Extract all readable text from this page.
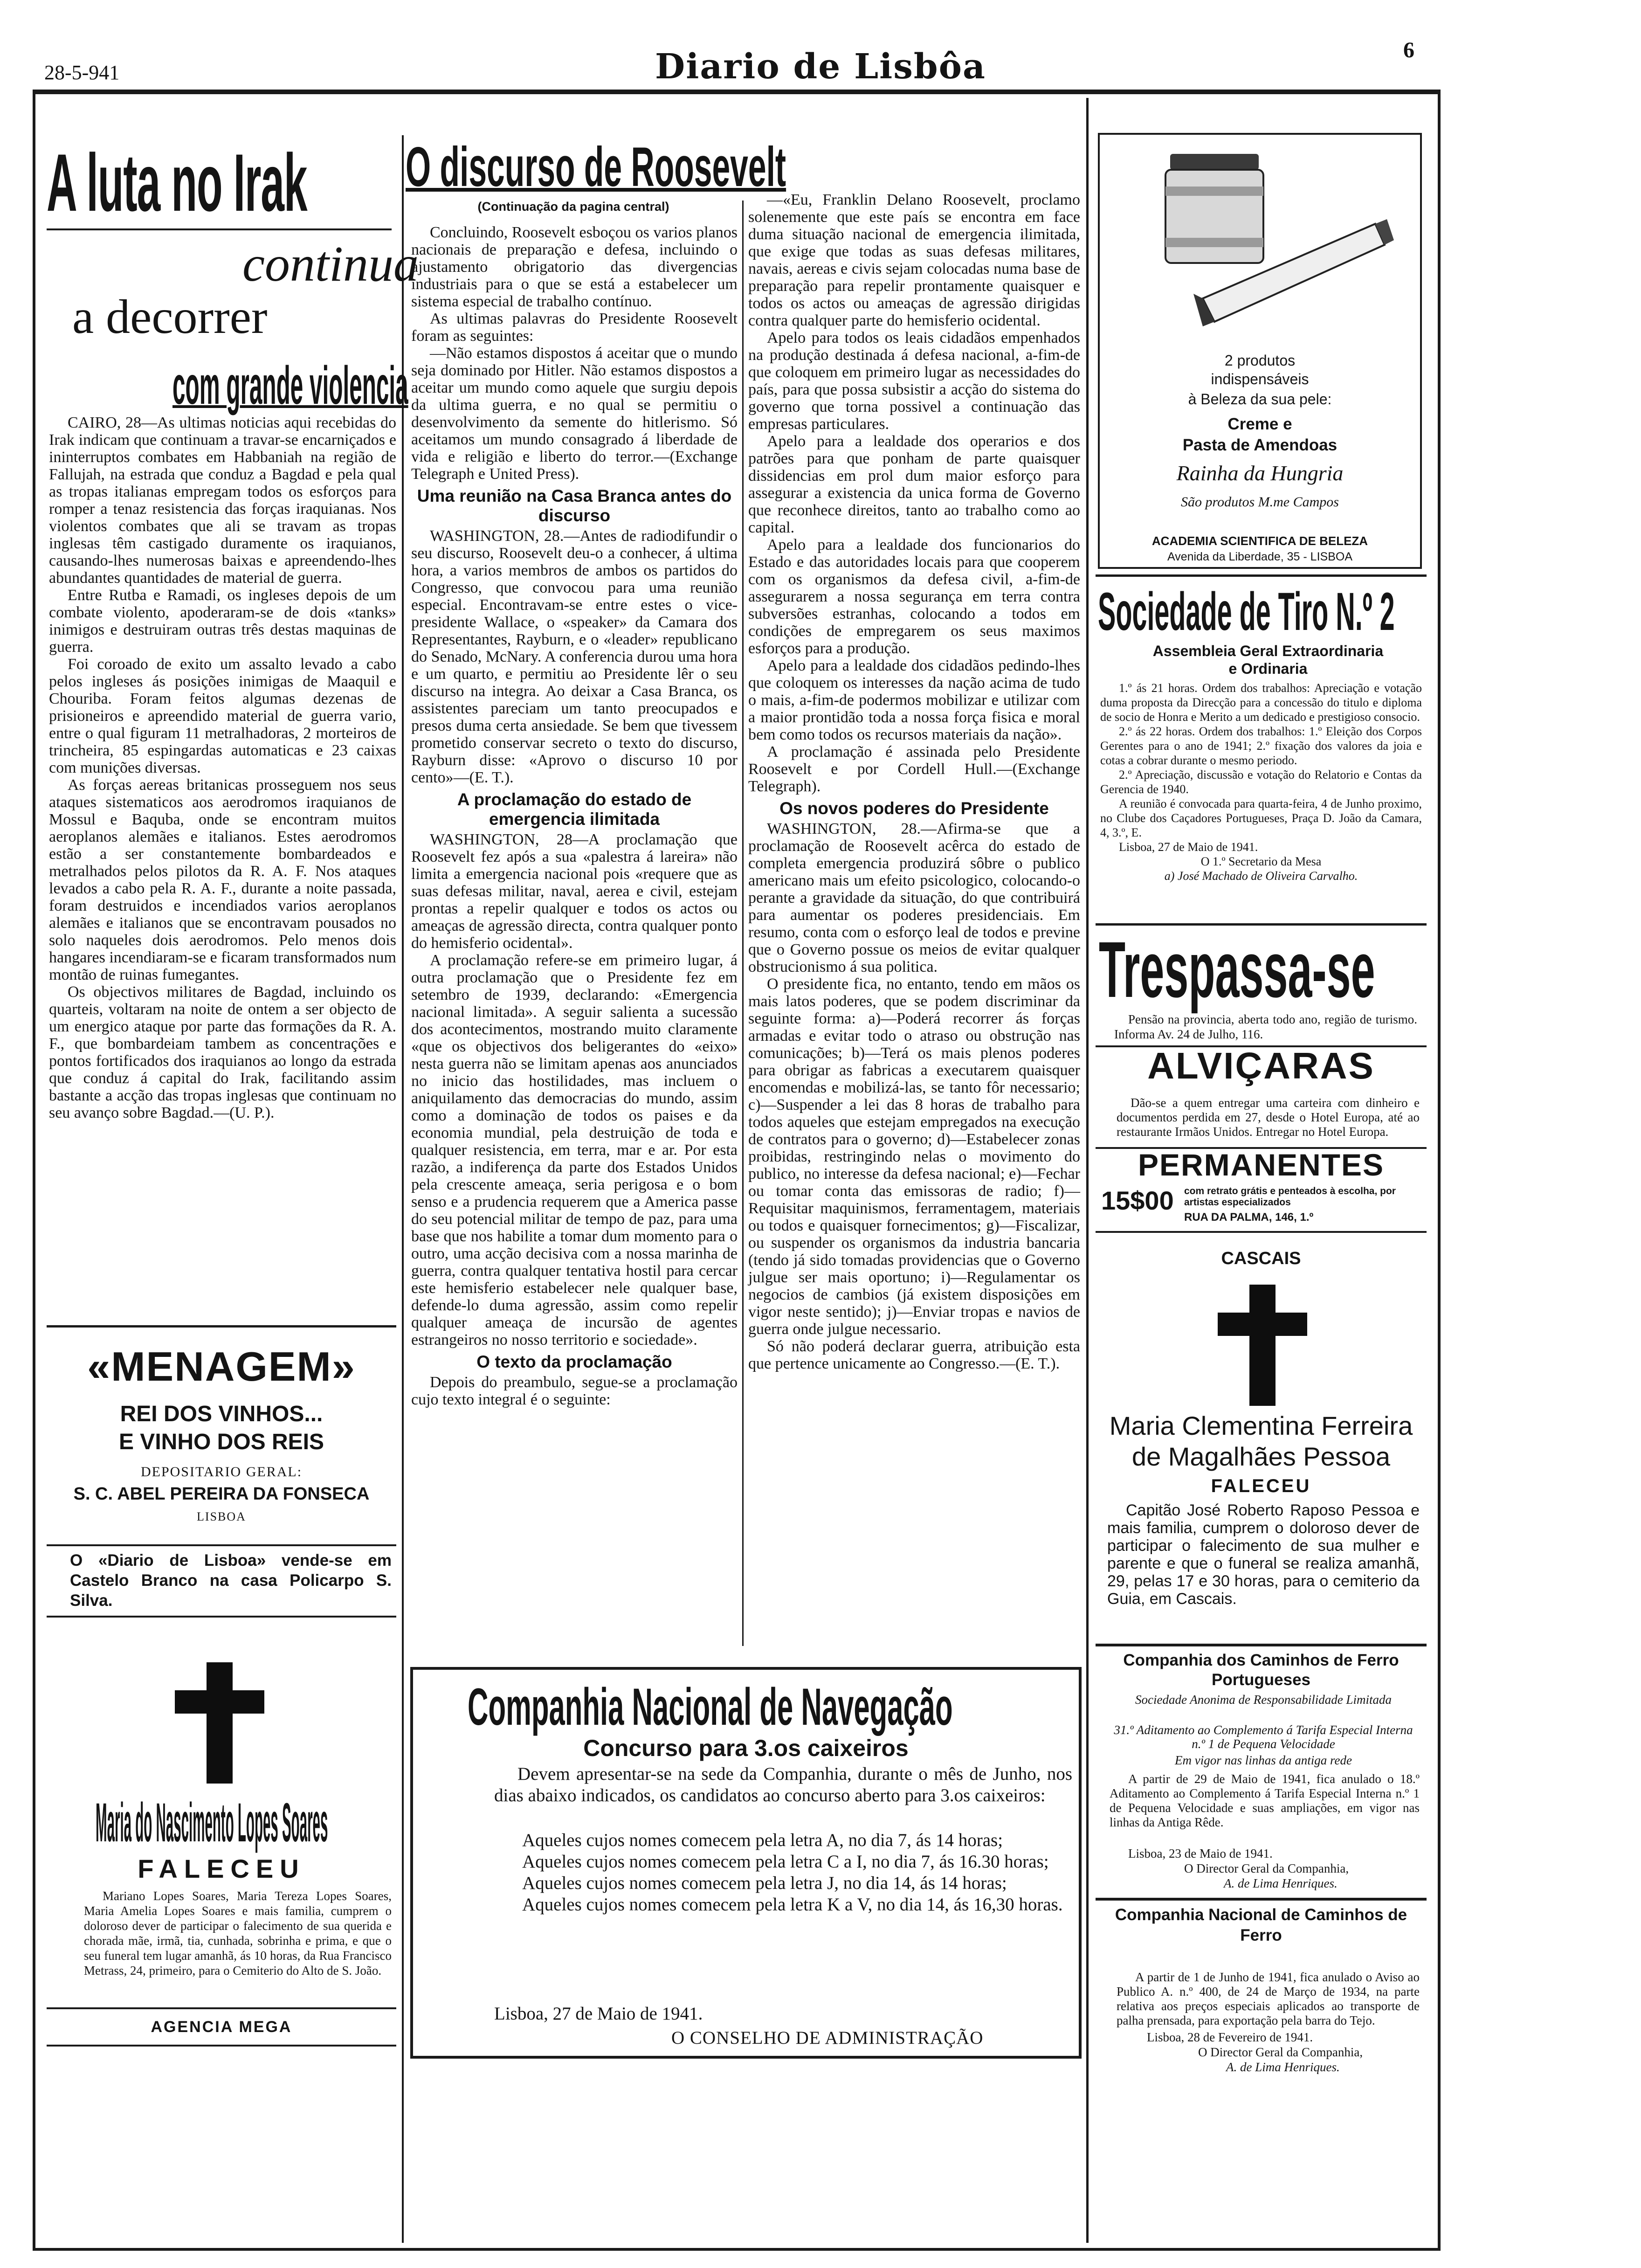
28-5-941	Diario de Lisbôa	6
A luta no Irak
continua
a decorrer
com grande violencia

CAIRO, 28—As ultimas noticias aqui recebidas do Irak indicam que continuam a travar-se encarniçados e ininterruptos combates em Habbaniah na região de Fallujah, na estrada que conduz a Bagdad e pela qual as tropas italianas empregam todos os esforços para romper a tenaz resistencia das forças iraquianas. Nos violentos combates que ali se travam as tropas inglesas têm castigado duramente os iraquianos, causando-lhes numerosas baixas e apreendendo-lhes abundantes quantidades de material de guerra.

Entre Rutba e Ramadi, os ingleses depois de um combate violento, apoderaram-se de dois «tanks» inimigos e destruiram outras três destas maquinas de guerra.

Foi coroado de exito um assalto levado a cabo pelos ingleses ás posições inimigas de Maaquil e Chouriba. Foram feitos algumas dezenas de prisioneiros e apreendido material de guerra vario, entre o qual figuram 11 metralhadoras, 2 morteiros de trincheira, 85 espingardas automaticas e 23 caixas com munições diversas.

As forças aereas britanicas prosseguem nos seus ataques sistematicos aos aerodromos iraquianos de Mossul e Baquba, onde se encontram muitos aeroplanos alemães e italianos. Estes aerodromos estão a ser constantemente bombardeados e metralhados pelos pilotos da R. A. F. Nos ataques levados a cabo pela R. A. F., durante a noite passada, foram destruidos e incendiados varios aeroplanos alemães e italianos que se encontravam pousados no solo naqueles dois aerodromos. Pelo menos dois hangares incendiaram-se e ficaram transformados num montão de ruinas fumegantes.

Os objectivos militares de Bagdad, incluindo os quarteis, voltaram na noite de ontem a ser objecto de um energico ataque por parte das formações da R. A. F., que bombardeiam tambem as concentrações e pontos fortificados dos iraquianos ao longo da estrada que conduz á capital do Irak, facilitando assim bastante a acção das tropas inglesas que continuam no seu avanço sobre Bagdad.—(U. P.).

«MENAGEM»
REI DOS VINHOS...
E VINHO DOS REIS
DEPOSITARIO GERAL:
S. C. ABEL PEREIRA DA FONSECA
LISBOA
O «Diario de Lisboa» vende-se em Castelo Branco na casa Policarpo S. Silva.
Maria do Nascimento Lopes Soares
FALECEU
Mariano Lopes Soares, Maria Tereza Lopes Soares, Maria Amelia Lopes Soares e mais familia, cumprem o doloroso dever de participar o falecimento de sua querida e chorada mãe, irmã, tia, cunhada, sobrinha e prima, e que o seu funeral tem lugar amanhã, ás 10 horas, da Rua Francisco Metrass, 24, primeiro, para o Cemiterio do Alto de S. João.
AGENCIA MEGA
O discurso de Roosevelt
(Continuação da pagina central)

Concluindo, Roosevelt esboçou os varios planos nacionais de preparação e defesa, incluindo o ajustamento obrigatorio das divergencias industriais para o que se está a estabelecer um sistema especial de trabalho contínuo.

As ultimas palavras do Presidente Roosevelt foram as seguintes:

—Não estamos dispostos á aceitar que o mundo seja dominado por Hitler. Não estamos dispostos a aceitar um mundo como aquele que surgiu depois da ultima guerra, e no qual se permitiu o desenvolvimento da semente do hitlerismo. Só aceitamos um mundo consagrado á liberdade de vida e religião e liberto do terror.—(Exchange Telegraph e United Press).

Uma reunião na Casa Branca antes do discurso

WASHINGTON, 28.—Antes de radiodifundir o seu discurso, Roosevelt deu-o a conhecer, á ultima hora, a varios membros de ambos os partidos do Congresso, que convocou para uma reunião especial. Encontravam-se entre estes o vice-presidente Wallace, o «speaker» da Camara dos Representantes, Rayburn, e o «leader» republicano do Senado, McNary. A conferencia durou uma hora e um quarto, e permitiu ao Presidente lêr o seu discurso na integra. Ao deixar a Casa Branca, os assistentes pareciam um tanto preocupados e presos duma certa ansiedade. Se bem que tivessem prometido conservar secreto o texto do discurso, Rayburn disse: «Aprovo o discurso 10 por cento»—(E. T.).

A proclamação do estado de emergencia ilimitada

WASHINGTON, 28—A proclamação que Roosevelt fez após a sua «palestra á lareira» não limita a emergencia nacional pois «requere que as suas defesas militar, naval, aerea e civil, estejam prontas a repelir qualquer e todos os actos ou ameaças de agressão directa, contra qualquer ponto do hemisferio ocidental».

A proclamação refere-se em primeiro lugar, á outra proclamação que o Presidente fez em setembro de 1939, declarando: «Emergencia nacional limitada». A seguir salienta a sucessão dos acontecimentos, mostrando muito claramente «que os objectivos dos beligerantes do «eixo» nesta guerra não se limitam apenas aos anunciados no inicio das hostilidades, mas incluem o aniquilamento das democracias do mundo, assim como a dominação de todos os paises e da economia mundial, pela destruição de toda e qualquer resistencia, em terra, mar e ar. Por esta razão, a indiferença da parte dos Estados Unidos pela crescente ameaça, seria perigosa e o bom senso e a prudencia requerem que a America passe do seu potencial militar de tempo de paz, para uma base que nos habilite a tomar dum momento para o outro, uma acção decisiva com a nossa marinha de guerra, contra qualquer tentativa hostil para cercar este hemisferio estabelecer nele qualquer base, defende-lo duma agressão, assim como repelir qualquer ameaça de incursão de agentes estrangeiros no nosso territorio e sociedade».

O texto da proclamação

Depois do preambulo, segue-se a proclamação cujo texto integral é o seguinte:

—«Eu, Franklin Delano Roosevelt, proclamo solenemente que este país se encontra em face duma situação nacional de emergencia ilimitada, que exige que todas as suas defesas militares, navais, aereas e civis sejam colocadas numa base de preparação para repelir prontamente quaisquer e todos os actos ou ameaças de agressão dirigidas contra qualquer parte do hemisferio ocidental.

Apelo para todos os leais cidadãos empenhados na produção destinada á defesa nacional, a-fim-de que coloquem em primeiro lugar as necessidades do país, para que possa subsistir a acção do sistema do governo que torna possivel a continuação das empresas particulares.

Apelo para a lealdade dos operarios e dos patrões para que ponham de parte quaisquer dissidencias em prol dum maior esforço para assegurar a existencia da unica forma de Governo que reconhece direitos, tanto ao trabalho como ao capital.

Apelo para a lealdade dos funcionarios do Estado e das autoridades locais para que cooperem com os organismos da defesa civil, a-fim-de assegurarem a nossa segurança em terra contra subversões estranhas, colocando a todos em condições de empregarem os seus maximos esforços para a produção.

Apelo para a lealdade dos cidadãos pedindo-lhes que coloquem os interesses da nação acima de tudo o mais, a-fim-de podermos mobilizar e utilizar com a maior prontidão toda a nossa força fisica e moral bem como todos os recursos materiais da nação».

A proclamação é assinada pelo Presidente Roosevelt e por Cordell Hull.—(Exchange Telegraph).

Os novos poderes do Presidente

WASHINGTON, 28.—Afirma-se que a proclamação de Roosevelt acêrca do estado de completa emergencia produzirá sôbre o publico americano mais um efeito psicologico, colocando-o perante a gravidade da situação, do que contribuirá para aumentar os poderes presidenciais. Em resumo, conta com o esforço leal de todos e previne que o Governo possue os meios de evitar qualquer obstrucionismo á sua politica.

O presidente fica, no entanto, tendo em mãos os mais latos poderes, que se podem discriminar da seguinte forma: a)—Poderá recorrer ás forças armadas e evitar todo o atraso ou obstrução nas comunicações; b)—Terá os mais plenos poderes para obrigar as fabricas a executarem quaisquer encomendas e mobilizá-las, se tanto fôr necessario; c)—Suspender a lei das 8 horas de trabalho para todos aqueles que estejam empregados na execução de contratos para o governo; d)—Estabelecer zonas proibidas, restringindo nelas o movimento do publico, no interesse da defesa nacional; e)—Fechar ou tomar conta das emissoras de radio; f)—Requisitar maquinismos, ferramentagem, materiais ou todos e quaisquer fornecimentos; g)—Fiscalizar, ou suspender os organismos da industria bancaria (tendo já sido tomadas providencias que o Governo julgue ser mais oportuno; i)—Regulamentar os negocios de cambios (já existem disposições em vigor neste sentido); j)—Enviar tropas e navios de guerra onde julgue necessario.

Só não poderá declarar guerra, atribuição esta que pertence unicamente ao Congresso.—(E. T.).

Companhia Nacional de Navegação
Concurso para 3.os caixeiros
Devem apresentar-se na sede da Companhia, durante o mês de Junho, nos dias abaixo indicados, os candidatos ao concurso aberto para 3.os caixeiros:

Aqueles cujos nomes comecem pela letra A, no dia 7, ás 14 horas;

Aqueles cujos nomes comecem pela letra C a I, no dia 7, ás 16.30 horas;

Aqueles cujos nomes comecem pela letra J, no dia 14, ás 14 horas;

Aqueles cujos nomes comecem pela letra K a V, no dia 14, ás 16,30 horas.

Lisboa, 27 de Maio de 1941.
O CONSELHO DE ADMINISTRAÇÃO
2 produtos
indispensáveis
à Beleza da sua pele:
Creme e
Pasta de Amendoas
Rainha da Hungria
São produtos M.me Campos
ACADEMIA SCIENTIFICA DE BELEZA
Avenida da Liberdade, 35 - LISBOA
Sociedade de Tiro N.º 2
Assembleia Geral Extraordinaria e Ordinaria

1.º ás 21 horas. Ordem dos trabalhos: Apreciação e votação duma proposta da Direcção para a concessão do titulo e diploma de socio de Honra e Merito a um dedicado e prestigioso consocio.

2.º ás 22 horas. Ordem dos trabalhos: 1.º Eleição dos Corpos Gerentes para o ano de 1941; 2.º fixação dos valores da joia e cotas a cobrar durante o mesmo periodo.

2.º Apreciação, discussão e votação do Relatorio e Contas da Gerencia de 1940.

A reunião é convocada para quarta-feira, 4 de Junho proximo, no Clube dos Caçadores Portugueses, Praça D. João da Camara, 4, 3.º, E.

Lisboa, 27 de Maio de 1941.

O 1.º Secretario da Mesa

a) José Machado de Oliveira Carvalho.

Trespassa-se
Pensão na provincia, aberta todo ano, região de turismo. Informa Av. 24 de Julho, 116.
ALVIÇARAS
Dão-se a quem entregar uma carteira com dinheiro e documentos perdida em 27, desde o Hotel Europa, até ao restaurante Irmãos Unidos. Entregar no Hotel Europa.
PERMANENTES
15$00 com retrato grátis e penteados à escolha, por artistas especializados
RUA DA PALMA, 146, 1.º
CASCAIS
Maria Clementina Ferreira de Magalhães Pessoa
FALECEU
Capitão José Roberto Raposo Pessoa e mais familia, cumprem o doloroso dever de participar o falecimento de sua mulher e parente e que o funeral se realiza amanhã, 29, pelas 17 e 30 horas, para o cemiterio da Guia, em Cascais.
Companhia dos Caminhos de Ferro Portugueses
Sociedade Anonima de Responsabilidade Limitada
31.º Aditamento ao Complemento á Tarifa Especial Interna n.º 1 de Pequena Velocidade
Em vigor nas linhas da antiga rede
A partir de 29 de Maio de 1941, fica anulado o 18.º Aditamento ao Complemento á Tarifa Especial Interna n.º 1 de Pequena Velocidade e suas ampliações, em vigor nas linhas da Antiga Rêde.
Lisboa, 23 de Maio de 1941.
O Director Geral da Companhia,
A. de Lima Henriques.
Companhia Nacional de Caminhos de Ferro
A partir de 1 de Junho de 1941, fica anulado o Aviso ao Publico A. n.º 400, de 24 de Março de 1934, na parte relativa aos preços especiais aplicados ao transporte de palha prensada, para exportação pela barra do Tejo.
Lisboa, 28 de Fevereiro de 1941.
O Director Geral da Companhia,
A. de Lima Henriques.
